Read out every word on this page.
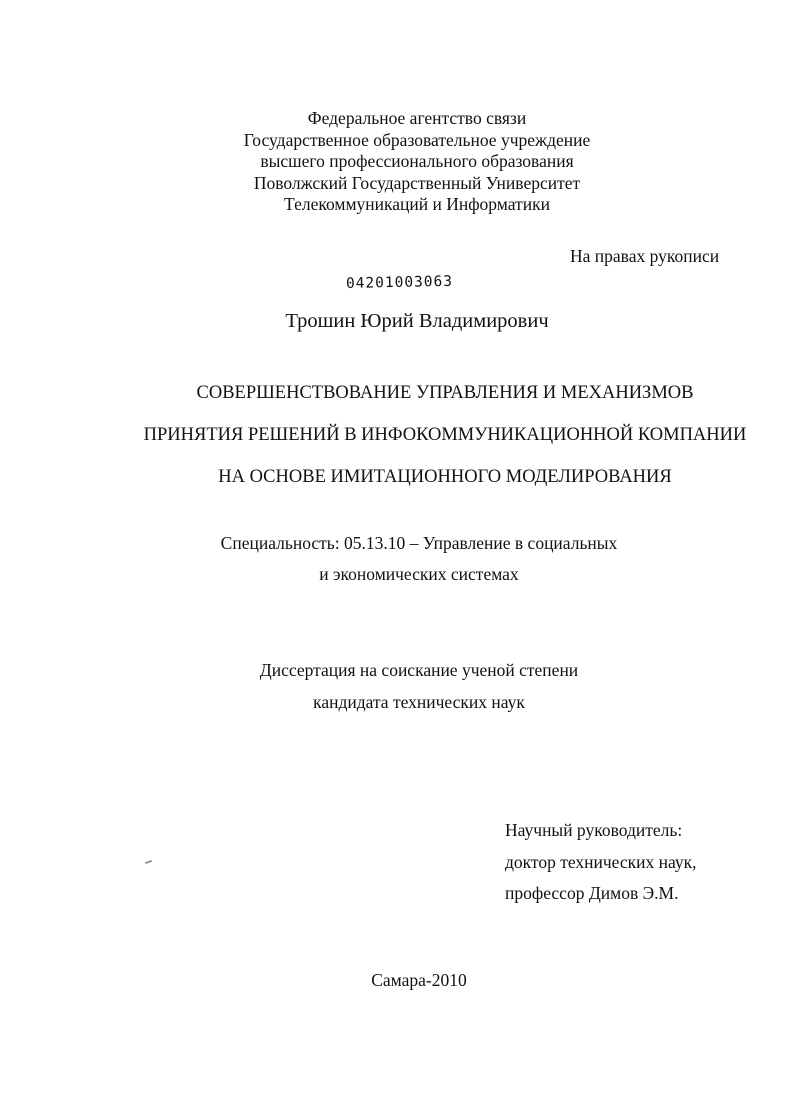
Федеральное агентство связи
Государственное образовательное учреждение
высшего профессионального образования
Поволжский Государственный Университет
Телекоммуникаций и Информатики
На правах рукописи
04201003063
Трошин Юрий Владимирович
СОВЕРШЕНСТВОВАНИЕ УПРАВЛЕНИЯ И МЕХАНИЗМОВ
ПРИНЯТИЯ РЕШЕНИЙ В ИНФОКОММУНИКАЦИОННОЙ КОМПАНИИ
НА ОСНОВЕ ИМИТАЦИОННОГО МОДЕЛИРОВАНИЯ
Специальность: 05.13.10 – Управление в социальных
и экономических системах
Диссертация на соискание ученой степени
кандидата технических наук
Научный руководитель:
доктор технических наук,
профессор Димов Э.М.
Самара-2010
